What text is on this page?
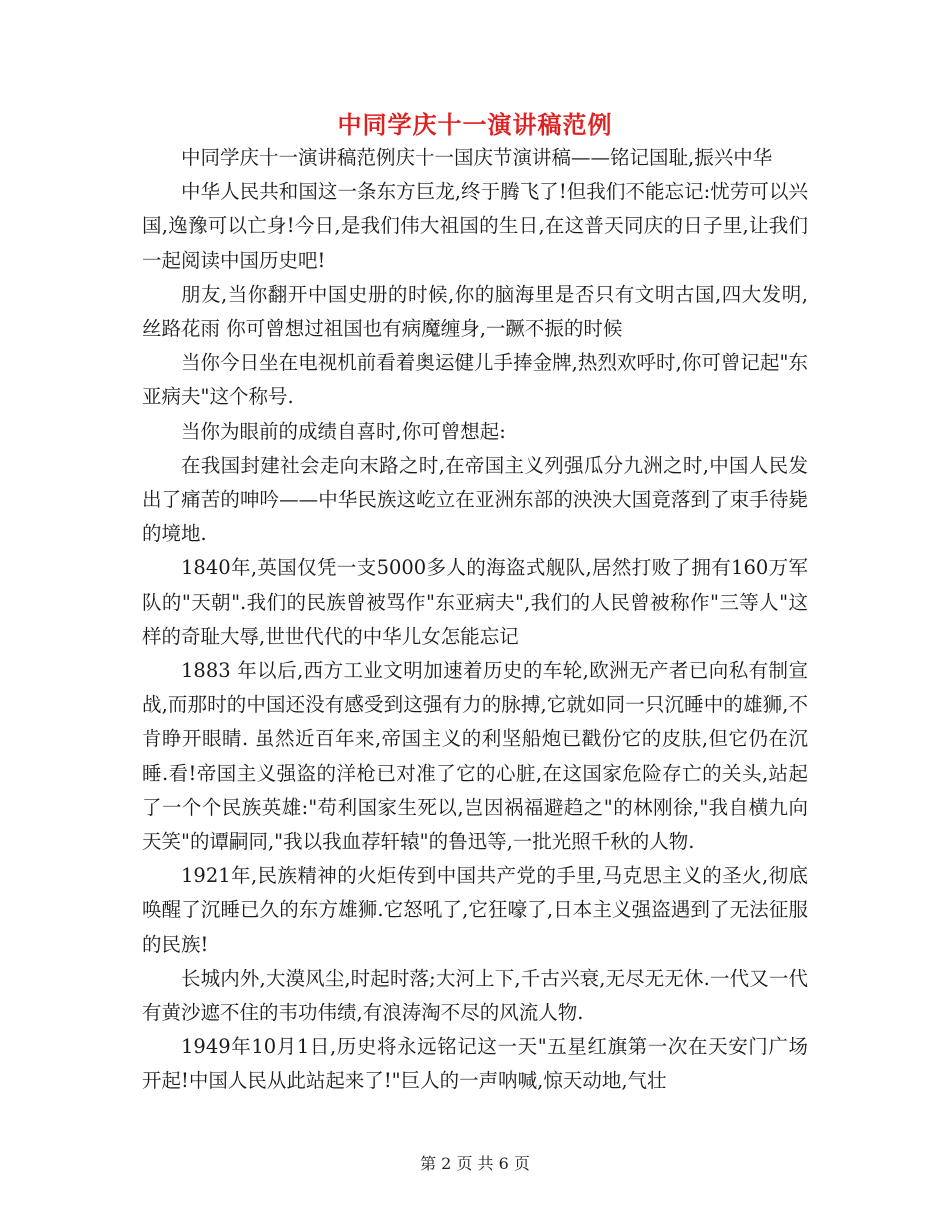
中同学庆十一演讲稿范例

中同学庆十一演讲稿范例庆十一国庆节演讲稿——铭记国耻,振兴中华

中华人民共和国这一条东方巨龙,终于腾飞了!但我们不能忘记:忧劳可以兴国,逸豫可以亡身!今日,是我们伟大祖国的生日,在这普天同庆的日子里,让我们一起阅读中国历史吧!

朋友,当你翻开中国史册的时候,你的脑海里是否只有文明古国,四大发明,丝路花雨 你可曾想过祖国也有病魔缠身,一蹶不振的时候

当你今日坐在电视机前看着奥运健儿手捧金牌,热烈欢呼时,你可曾记起"东亚病夫"这个称号.

当你为眼前的成绩自喜时,你可曾想起:

在我国封建社会走向末路之时,在帝国主义列强瓜分九洲之时,中国人民发出了痛苦的呻吟——中华民族这屹立在亚洲东部的泱泱大国竟落到了束手待毙的境地.

1840年,英国仅凭一支5000多人的海盗式舰队,居然打败了拥有160万军队的"天朝".我们的民族曾被骂作"东亚病夫",我们的人民曾被称作"三等人"这样的奇耻大辱,世世代代的中华儿女怎能忘记

1883 年以后,西方工业文明加速着历史的车轮,欧洲无产者已向私有制宣战,而那时的中国还没有感受到这强有力的脉搏,它就如同一只沉睡中的雄狮,不肯睁开眼睛. 虽然近百年来,帝国主义的利坚船炮已戳份它的皮肤,但它仍在沉睡.看!帝国主义强盗的洋枪已对准了它的心脏,在这国家危险存亡的关头,站起了一个个民族英雄:"苟利国家生死以,岂因祸福避趋之"的林刚徐,"我自横九向天笑"的谭嗣同,"我以我血荐轩辕"的鲁迅等,一批光照千秋的人物.

1921年,民族精神的火炬传到中国共产党的手里,马克思主义的圣火,彻底唤醒了沉睡已久的东方雄狮.它怒吼了,它狂嚎了,日本主义强盗遇到了无法征服的民族!

长城内外,大漠风尘,时起时落;大河上下,千古兴衰,无尽无无休.一代又一代有黄沙遮不住的韦功伟绩,有浪涛淘不尽的风流人物.

1949年10月1日,历史将永远铭记这一天"五星红旗第一次在天安门广场开起!中国人民从此站起来了!"巨人的一声呐喊,惊天动地,气壮

第 2 页 共 6 页
